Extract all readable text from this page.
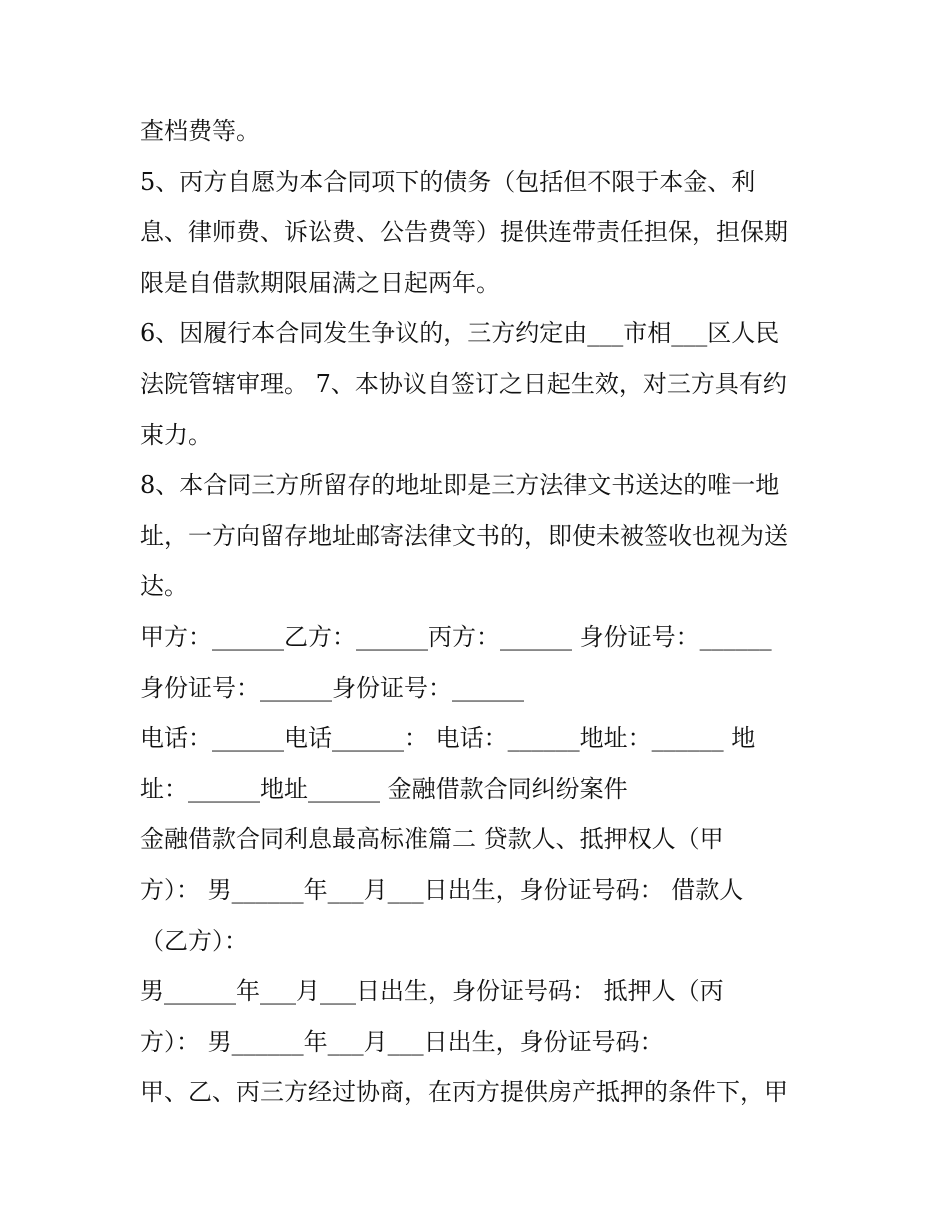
查档费等。
5、丙方自愿为本合同项下的债务（包括但不限于本金、利
息、律师费、诉讼费、公告费等）提供连带责任担保，担保期
限是自借款期限届满之日起两年。
6、因履行本合同发生争议的，三方约定由___市相___区人民
法院管辖审理。 7、本协议自签订之日起生效，对三方具有约
束力。
8、本合同三方所留存的地址即是三方法律文书送达的唯一地
址，一方向留存地址邮寄法律文书的，即使未被签收也视为送
达。
甲方：______乙方：______丙方：______ 身份证号：______
身份证号：______身份证号：______
电话：______电话______： 电话：______地址：______ 地
址：______地址______ 金融借款合同纠纷案件
金融借款合同利息最高标准篇二 贷款人、抵押权人（甲
方）： 男______年___月___日出生，身份证号码： 借款人
（乙方）：
男______年___月___日出生，身份证号码： 抵押人（丙
方）： 男______年___月___日出生，身份证号码：
甲、乙、丙三方经过协商，在丙方提供房产抵押的条件下，甲
